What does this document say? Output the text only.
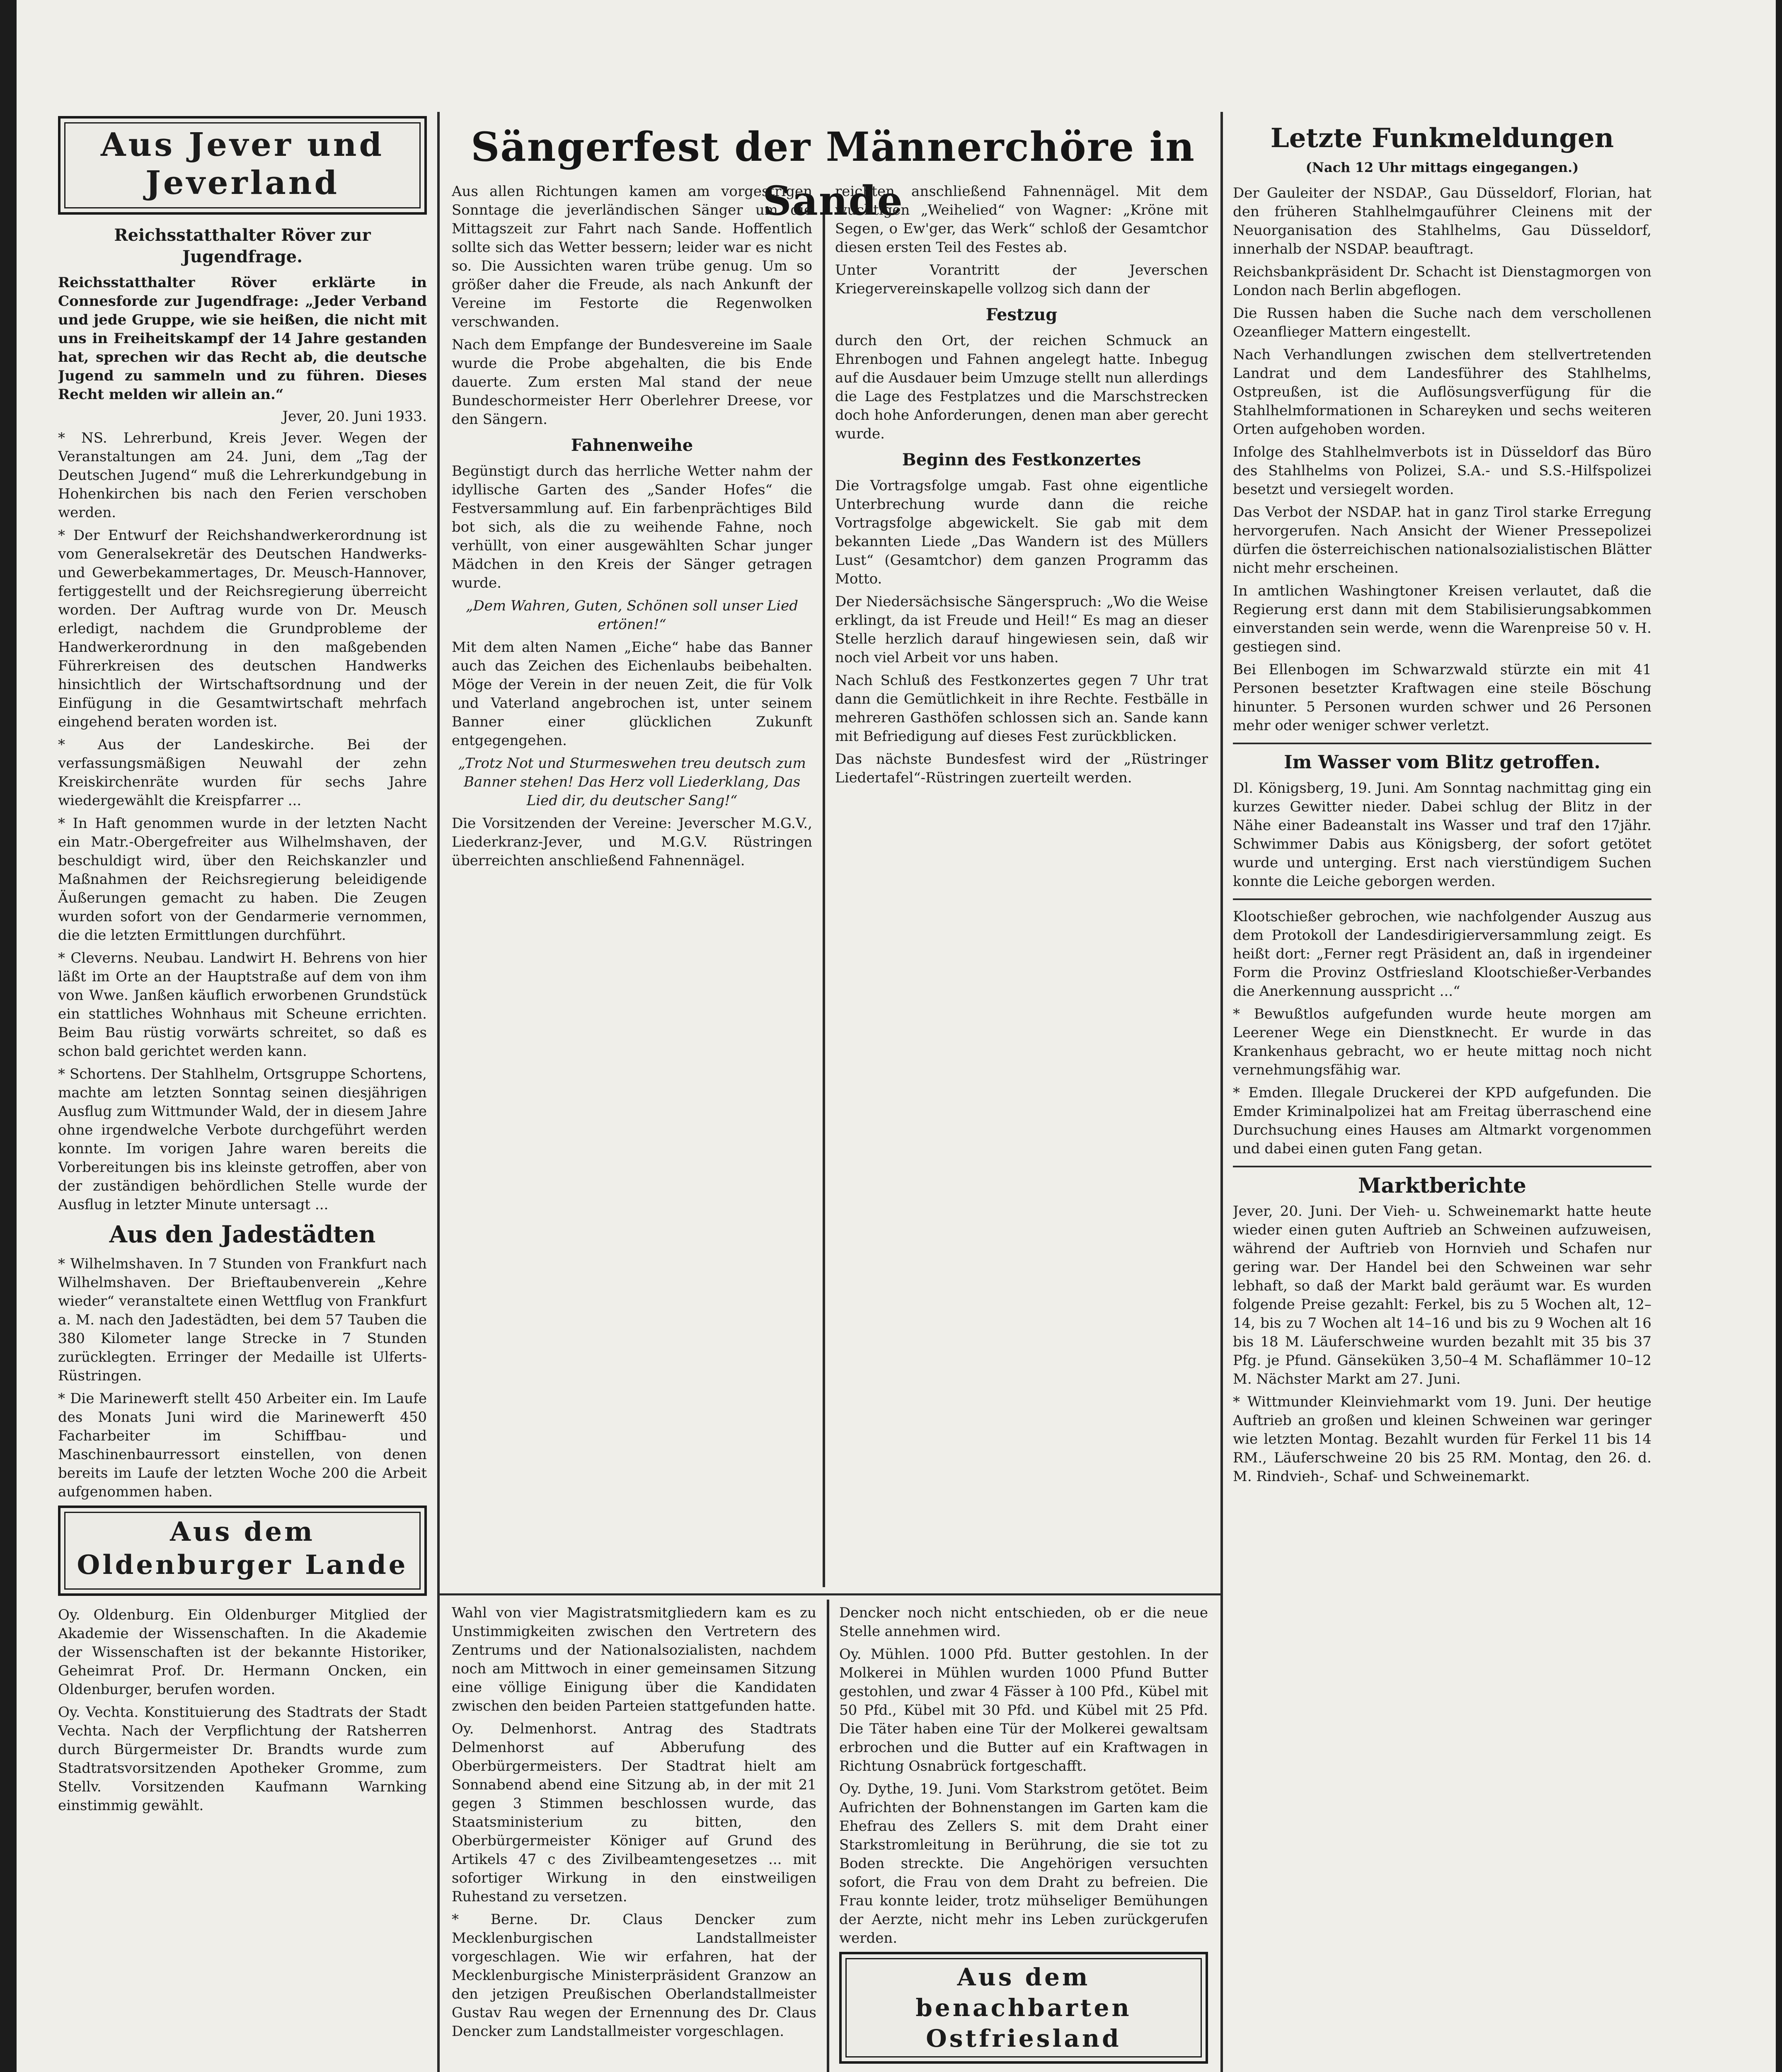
Aus Jever und Jeverland
Reichsstatthalter Röver zur Jugendfrage.

Reichsstatthalter Röver erklärte in Connesforde zur Jugendfrage: „Jeder Verband und jede Gruppe, wie sie heißen, die nicht mit uns in Freiheitskampf der 14 Jahre gestanden hat, sprechen wir das Recht ab, die deutsche Jugend zu sammeln und zu führen. Dieses Recht melden wir allein an.“

Jever, 20. Juni 1933.

* NS. Lehrerbund, Kreis Jever. Wegen der Veranstaltungen am 24. Juni, dem „Tag der Deutschen Jugend“ muß die Lehrerkundgebung in Hohenkirchen bis nach den Ferien verschoben werden.

* Der Entwurf der Reichshandwerkerordnung ist vom Generalsekretär des Deutschen Handwerks- und Gewerbekammertages, Dr. Meusch-Hannover, fertiggestellt und der Reichsregierung überreicht worden. Der Auftrag wurde von Dr. Meusch erledigt, nachdem die Grundprobleme der Handwerkerordnung in den maßgebenden Führerkreisen des deutschen Handwerks hinsichtlich der Wirtschaftsordnung und der Einfügung in die Gesamtwirtschaft mehrfach eingehend beraten worden ist.

* Aus der Landeskirche. Bei der verfassungsmäßigen Neuwahl der zehn Kreiskirchenräte wurden für sechs Jahre wiedergewählt die Kreispfarrer ...

* In Haft genommen wurde in der letzten Nacht ein Matr.-Obergefreiter aus Wilhelmshaven, der beschuldigt wird, über den Reichskanzler und Maßnahmen der Reichsregierung beleidigende Äußerungen gemacht zu haben. Die Zeugen wurden sofort von der Gendarmerie vernommen, die die letzten Ermittlungen durchführt.

* Cleverns. Neubau. Landwirt H. Behrens von hier läßt im Orte an der Hauptstraße auf dem von ihm von Wwe. Janßen käuflich erworbenen Grundstück ein stattliches Wohnhaus mit Scheune errichten. Beim Bau rüstig vorwärts schreitet, so daß es schon bald gerichtet werden kann.

* Schortens. Der Stahlhelm, Ortsgruppe Schortens, machte am letzten Sonntag seinen diesjährigen Ausflug zum Wittmunder Wald, der in diesem Jahre ohne irgendwelche Verbote durchgeführt werden konnte. Im vorigen Jahre waren bereits die Vorbereitungen bis ins kleinste getroffen, aber von der zuständigen behördlichen Stelle wurde der Ausflug in letzter Minute untersagt ...

Aus den Jadestädten

* Wilhelmshaven. In 7 Stunden von Frankfurt nach Wilhelmshaven. Der Brieftaubenverein „Kehre wieder“ veranstaltete einen Wettflug von Frankfurt a. M. nach den Jadestädten, bei dem 57 Tauben die 380 Kilometer lange Strecke in 7 Stunden zurücklegten. Erringer der Medaille ist Ulferts-Rüstringen.

* Die Marinewerft stellt 450 Arbeiter ein. Im Laufe des Monats Juni wird die Marinewerft 450 Facharbeiter im Schiffbau- und Maschinenbaurressort einstellen, von denen bereits im Laufe der letzten Woche 200 die Arbeit aufgenommen haben.

Aus dem Oldenburger Lande

Oy. Oldenburg. Ein Oldenburger Mitglied der Akademie der Wissenschaften. In die Akademie der Wissenschaften ist der bekannte Historiker, Geheimrat Prof. Dr. Hermann Oncken, ein Oldenburger, berufen worden.

Oy. Vechta. Konstituierung des Stadtrats der Stadt Vechta. Nach der Verpflichtung der Ratsherren durch Bürgermeister Dr. Brandts wurde zum Stadtratsvorsitzenden Apotheker Gromme, zum Stellv. Vorsitzenden Kaufmann Warnking einstimmig gewählt.

Sängerfest der Männerchöre in Sande

Aus allen Richtungen kamen am vorgestrigen Sonntage die jeverländischen Sänger um die Mittagszeit zur Fahrt nach Sande. Hoffentlich sollte sich das Wetter bessern; leider war es nicht so. Die Aussichten waren trübe genug. Um so größer daher die Freude, als nach Ankunft der Vereine im Festorte die Regenwolken verschwanden.

Nach dem Empfange der Bundesvereine im Saale wurde die Probe abgehalten, die bis Ende dauerte. Zum ersten Mal stand der neue Bundeschormeister Herr Oberlehrer Dreese, vor den Sängern.

Fahnenweihe

Begünstigt durch das herrliche Wetter nahm der idyllische Garten des „Sander Hofes“ die Festversammlung auf. Ein farbenprächtiges Bild bot sich, als die zu weihende Fahne, noch verhüllt, von einer ausgewählten Schar junger Mädchen in den Kreis der Sänger getragen wurde.

„Dem Wahren, Guten, Schönen soll unser Lied ertönen!“

Mit dem alten Namen „Eiche“ habe das Banner auch das Zeichen des Eichenlaubs beibehalten. Möge der Verein in der neuen Zeit, die für Volk und Vaterland angebrochen ist, unter seinem Banner einer glücklichen Zukunft entgegengehen.

„Trotz Not und Sturmeswehen treu deutsch zum Banner stehen! Das Herz voll Liederklang, Das Lied dir, du deutscher Sang!“

Die Vorsitzenden der Vereine: Jeverscher M.G.V., Liederkranz-Jever, und M.G.V. Rüstringen überreichten anschließend Fahnennägel.

reichten anschließend Fahnennägel. Mit dem wuchtigen „Weihelied“ von Wagner: „Kröne mit Segen, o Ew'ger, das Werk“ schloß der Gesamtchor diesen ersten Teil des Festes ab.

Unter Vorantritt der Jeverschen Kriegervereinskapelle vollzog sich dann der

Festzug

durch den Ort, der reichen Schmuck an Ehrenbogen und Fahnen angelegt hatte. Inbegug auf die Ausdauer beim Umzuge stellt nun allerdings die Lage des Festplatzes und die Marschstrecken doch hohe Anforderungen, denen man aber gerecht wurde.

Beginn des Festkonzertes

Die Vortragsfolge umgab. Fast ohne eigentliche Unterbrechung wurde dann die reiche Vortragsfolge abgewickelt. Sie gab mit dem bekannten Liede „Das Wandern ist des Müllers Lust“ (Gesamtchor) dem ganzen Programm das Motto.

Der Niedersächsische Sängerspruch: „Wo die Weise erklingt, da ist Freude und Heil!“ Es mag an dieser Stelle herzlich darauf hingewiesen sein, daß wir noch viel Arbeit vor uns haben.

Nach Schluß des Festkonzertes gegen 7 Uhr trat dann die Gemütlichkeit in ihre Rechte. Festbälle in mehreren Gasthöfen schlossen sich an. Sande kann mit Befriedigung auf dieses Fest zurückblicken.

Das nächste Bundesfest wird der „Rüstringer Liedertafel“-Rüstringen zuerteilt werden.

Letzte Funkmeldungen
(Nach 12 Uhr mittags eingegangen.)

Der Gauleiter der NSDAP., Gau Düsseldorf, Florian, hat den früheren Stahlhelmgauführer Cleinens mit der Neuorganisation des Stahlhelms, Gau Düsseldorf, innerhalb der NSDAP. beauftragt.

Reichsbankpräsident Dr. Schacht ist Dienstagmorgen von London nach Berlin abgeflogen.

Die Russen haben die Suche nach dem verschollenen Ozeanflieger Mattern eingestellt.

Nach Verhandlungen zwischen dem stellvertretenden Landrat und dem Landesführer des Stahlhelms, Ostpreußen, ist die Auflösungsverfügung für die Stahlhelmformationen in Schareyken und sechs weiteren Orten aufgehoben worden.

Infolge des Stahlhelmverbots ist in Düsseldorf das Büro des Stahlhelms von Polizei, S.A.- und S.S.-Hilfspolizei besetzt und versiegelt worden.

Das Verbot der NSDAP. hat in ganz Tirol starke Erregung hervorgerufen. Nach Ansicht der Wiener Pressepolizei dürfen die österreichischen nationalsozialistischen Blätter nicht mehr erscheinen.

In amtlichen Washingtoner Kreisen verlautet, daß die Regierung erst dann mit dem Stabilisierungsabkommen einverstanden sein werde, wenn die Warenpreise 50 v. H. gestiegen sind.

Bei Ellenbogen im Schwarzwald stürzte ein mit 41 Personen besetzter Kraftwagen eine steile Böschung hinunter. 5 Personen wurden schwer und 26 Personen mehr oder weniger schwer verletzt.

Im Wasser vom Blitz getroffen.

Dl. Königsberg, 19. Juni. Am Sonntag nachmittag ging ein kurzes Gewitter nieder. Dabei schlug der Blitz in der Nähe einer Badeanstalt ins Wasser und traf den 17jähr. Schwimmer Dabis aus Königsberg, der sofort getötet wurde und unterging. Erst nach vierstündigem Suchen konnte die Leiche geborgen werden.

Klootschießer gebrochen, wie nachfolgender Auszug aus dem Protokoll der Landesdirigierversammlung zeigt. Es heißt dort: „Ferner regt Präsident an, daß in irgendeiner Form die Provinz Ostfriesland Klootschießer-Verbandes die Anerkennung ausspricht ...“

* Bewußtlos aufgefunden wurde heute morgen am Leerener Wege ein Dienstknecht. Er wurde in das Krankenhaus gebracht, wo er heute mittag noch nicht vernehmungsfähig war.

* Emden. Illegale Druckerei der KPD aufgefunden. Die Emder Kriminalpolizei hat am Freitag überraschend eine Durchsuchung eines Hauses am Altmarkt vorgenommen und dabei einen guten Fang getan.

Marktberichte

Jever, 20. Juni. Der Vieh- u. Schweinemarkt hatte heute wieder einen guten Auftrieb an Schweinen aufzuweisen, während der Auftrieb von Hornvieh und Schafen nur gering war. Der Handel bei den Schweinen war sehr lebhaft, so daß der Markt bald geräumt war. Es wurden folgende Preise gezahlt: Ferkel, bis zu 5 Wochen alt, 12–14, bis zu 7 Wochen alt 14–16 und bis zu 9 Wochen alt 16 bis 18 M. Läuferschweine wurden bezahlt mit 35 bis 37 Pfg. je Pfund. Gänseküken 3,50–4 M. Schaflämmer 10–12 M. Nächster Markt am 27. Juni.

* Wittmunder Kleinviehmarkt vom 19. Juni. Der heutige Auftrieb an großen und kleinen Schweinen war geringer wie letzten Montag. Bezahlt wurden für Ferkel 11 bis 14 RM., Läuferschweine 20 bis 25 RM. Montag, den 26. d. M. Rindvieh-, Schaf- und Schweinemarkt.

Wahl von vier Magistratsmitgliedern kam es zu Unstimmigkeiten zwischen den Vertretern des Zentrums und der Nationalsozialisten, nachdem noch am Mittwoch in einer gemeinsamen Sitzung eine völlige Einigung über die Kandidaten zwischen den beiden Parteien stattgefunden hatte.

Oy. Delmenhorst. Antrag des Stadtrats Delmenhorst auf Abberufung des Oberbürgermeisters. Der Stadtrat hielt am Sonnabend abend eine Sitzung ab, in der mit 21 gegen 3 Stimmen beschlossen wurde, das Staatsministerium zu bitten, den Oberbürgermeister Königer auf Grund des Artikels 47 c des Zivilbeamtengesetzes ... mit sofortiger Wirkung in den einstweiligen Ruhestand zu versetzen.

* Berne. Dr. Claus Dencker zum Mecklenburgischen Landstallmeister vorgeschlagen. Wie wir erfahren, hat der Mecklenburgische Ministerpräsident Granzow an den jetzigen Preußischen Oberlandstallmeister Gustav Rau wegen der Ernennung des Dr. Claus Dencker zum Landstallmeister vorgeschlagen.

Dencker noch nicht entschieden, ob er die neue Stelle annehmen wird.

Oy. Mühlen. 1000 Pfd. Butter gestohlen. In der Molkerei in Mühlen wurden 1000 Pfund Butter gestohlen, und zwar 4 Fässer à 100 Pfd., Kübel mit 50 Pfd., Kübel mit 30 Pfd. und Kübel mit 25 Pfd. Die Täter haben eine Tür der Molkerei gewaltsam erbrochen und die Butter auf ein Kraftwagen in Richtung Osnabrück fortgeschafft.

Oy. Dythe, 19. Juni. Vom Starkstrom getötet. Beim Aufrichten der Bohnenstangen im Garten kam die Ehefrau des Zellers S. mit dem Draht einer Starkstromleitung in Berührung, die sie tot zu Boden streckte. Die Angehörigen versuchten sofort, die Frau von dem Draht zu befreien. Die Frau konnte leider, trotz mühseliger Bemühungen der Aerzte, nicht mehr ins Leben zurückgerufen werden.

Aus dem benachbarten Ostfriesland
